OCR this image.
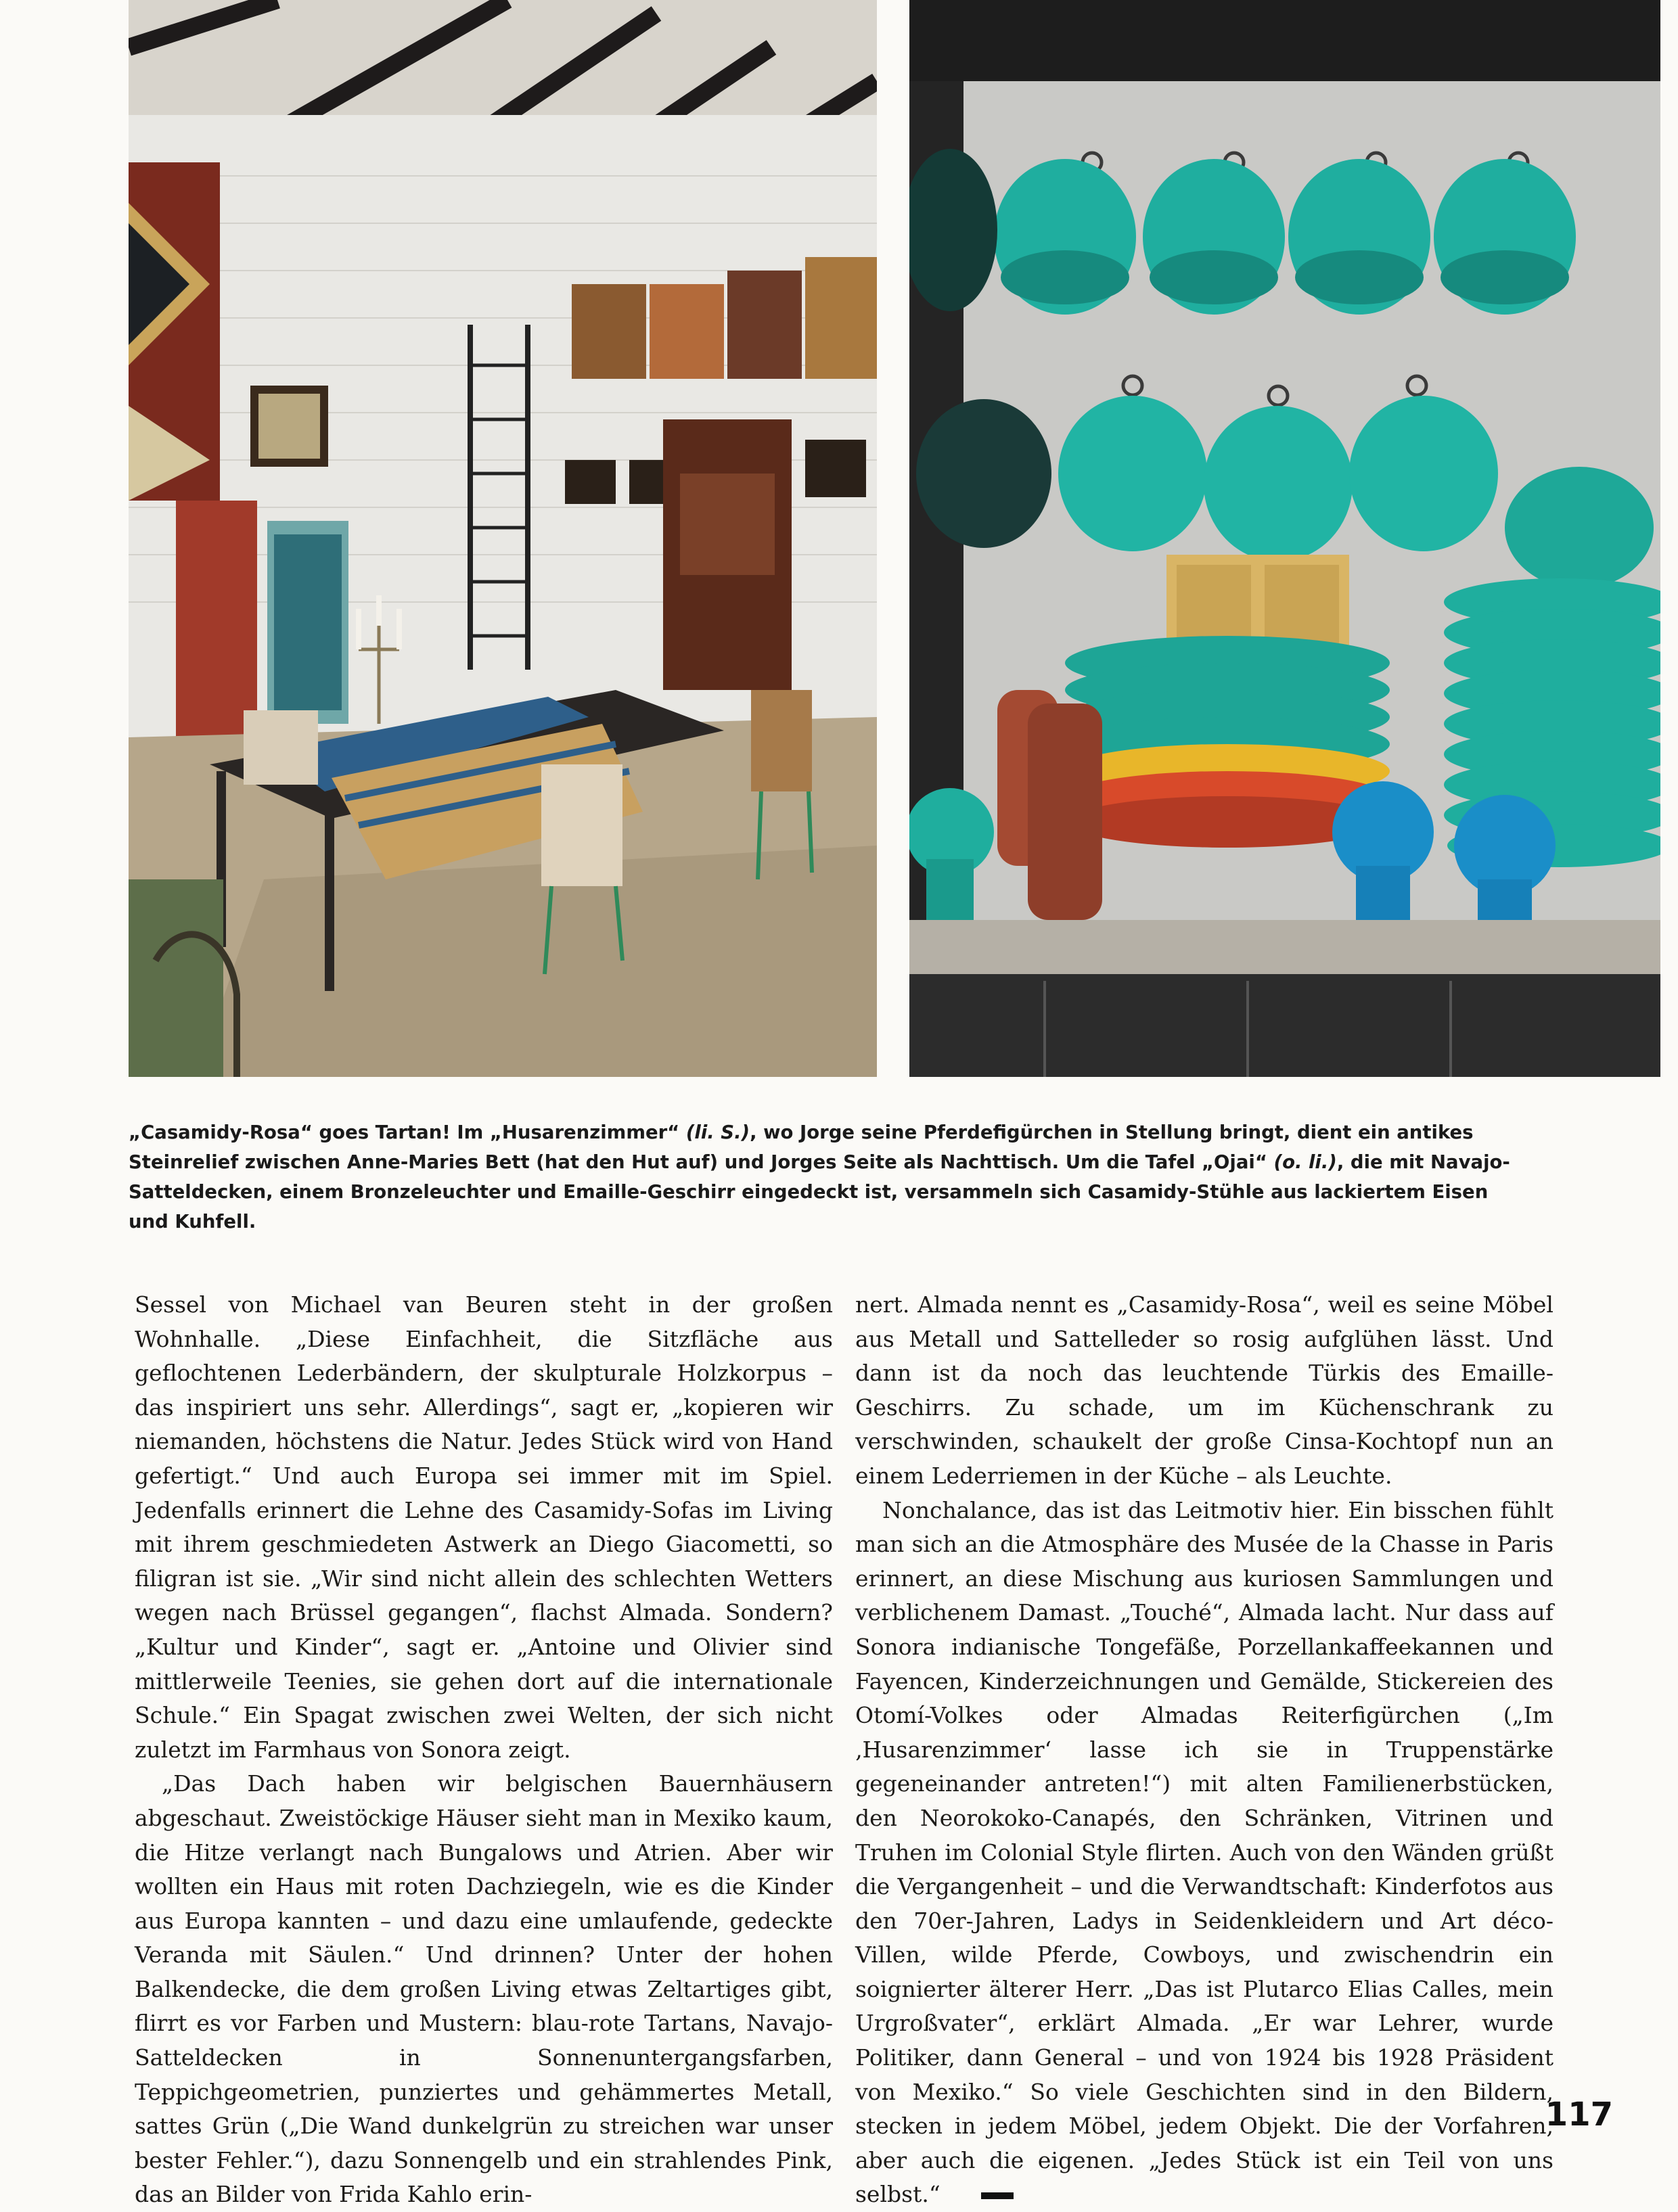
„Casamidy-Rosa“ goes Tartan! Im „Husarenzimmer“ (li. S.), wo Jorge seine Pferdefigürchen in Stellung bringt, dient ein antikes Steinrelief zwischen Anne-Maries Bett (hat den Hut auf) und Jorges Seite als Nachttisch. Um die Tafel „Ojai“ (o. li.), die mit Navajo-Satteldecken, einem Bronzeleuchter und Emaille-Geschirr eingedeckt ist, versammeln sich Casamidy-Stühle aus lackiertem Eisen und Kuhfell.

Sessel von Michael van Beuren steht in der großen Wohnhalle. „Diese Einfachheit, die Sitzfläche aus geflochtenen Lederbändern, der skulpturale Holzkorpus – das inspiriert uns sehr. Allerdings“, sagt er, „kopieren wir niemanden, höchstens die Natur. Jedes Stück wird von Hand gefertigt.“ Und auch Europa sei immer mit im Spiel. Jedenfalls erinnert die Lehne des Casamidy-Sofas im Living mit ihrem geschmiedeten Astwerk an Diego Giacometti, so filigran ist sie. „Wir sind nicht allein des schlechten Wetters wegen nach Brüssel gegangen“, flachst Almada. Sondern? „Kultur und Kinder“, sagt er. „Antoine und Olivier sind mittlerweile Teenies, sie gehen dort auf die internationale Schule.“ Ein Spagat zwischen zwei Welten, der sich nicht zuletzt im Farmhaus von Sonora zeigt.

„Das Dach haben wir belgischen Bauernhäusern abgeschaut. Zweistöckige Häuser sieht man in Mexiko kaum, die Hitze verlangt nach Bungalows und Atrien. Aber wir wollten ein Haus mit roten Dachziegeln, wie es die Kinder aus Europa kannten – und dazu eine umlaufende, gedeckte Veranda mit Säulen.“ Und drinnen? Unter der hohen Balkendecke, die dem großen Living etwas Zeltartiges gibt, flirrt es vor Farben und Mustern: blau-rote Tartans, Navajo-Satteldecken in Sonnenuntergangsfarben, Teppichgeometrien, punziertes und gehämmertes Metall, sattes Grün („Die Wand dunkelgrün zu streichen war unser bester Fehler.“), dazu Sonnengelb und ein strahlendes Pink, das an Bilder von Frida Kahlo erin-

nert. Almada nennt es „Casamidy-Rosa“, weil es seine Möbel aus Metall und Sattelleder so rosig aufglühen lässt. Und dann ist da noch das leuchtende Türkis des Emaille-Geschirrs. Zu schade, um im Küchenschrank zu verschwinden, schaukelt der große Cinsa-Kochtopf nun an einem Lederriemen in der Küche – als Leuchte.

Nonchalance, das ist das Leitmotiv hier. Ein bisschen fühlt man sich an die Atmosphäre des Musée de la Chasse in Paris erinnert, an diese Mischung aus kuriosen Sammlungen und verblichenem Damast. „Touché“, Almada lacht. Nur dass auf Sonora indianische Tongefäße, Porzellankaffeekannen und Fayencen, Kinderzeichnungen und Gemälde, Stickereien des Otomí-Volkes oder Almadas Reiterfigürchen („Im ‚Husarenzimmer‘ lasse ich sie in Truppenstärke gegeneinander antreten!“) mit alten Familienerbstücken, den Neorokoko-Canapés, den Schränken, Vitrinen und Truhen im Colonial Style flirten. Auch von den Wänden grüßt die Vergangenheit – und die Verwandtschaft: Kinderfotos aus den 70er-Jahren, Ladys in Seidenkleidern und Art déco-Villen, wilde Pferde, Cowboys, und zwischendrin ein soignierter älterer Herr. „Das ist Plutarco Elias Calles, mein Urgroßvater“, erklärt Almada. „Er war Lehrer, wurde Politiker, dann General – und von 1924 bis 1928 Präsident von Mexiko.“ So viele Geschichten sind in den Bildern, stecken in jedem Möbel, jedem Objekt. Die der Vorfahren, aber auch die eigenen. „Jedes Stück ist ein Teil von uns selbst.“

117
